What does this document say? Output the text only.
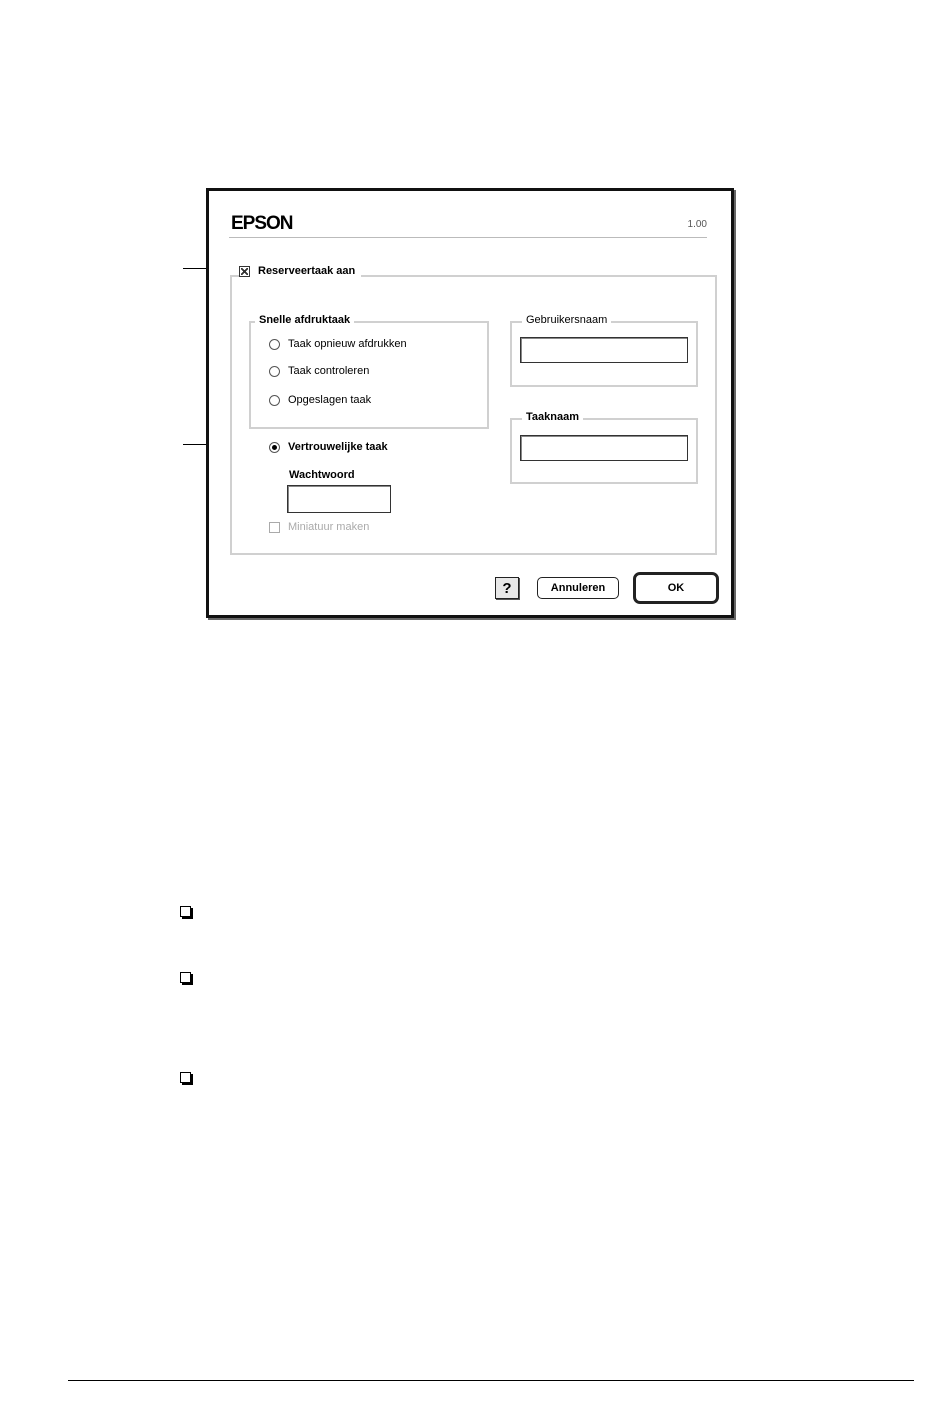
EPSON	1.00
Reserveertaak aan
Snelle afdruktaak
Taak opnieuw afdrukken
Taak controleren
Opgeslagen taak
Vertrouwelijke taak
Wachtwoord
Miniatuur maken
Gebruikersnaam
Taaknaam
?	Annuleren	OK
